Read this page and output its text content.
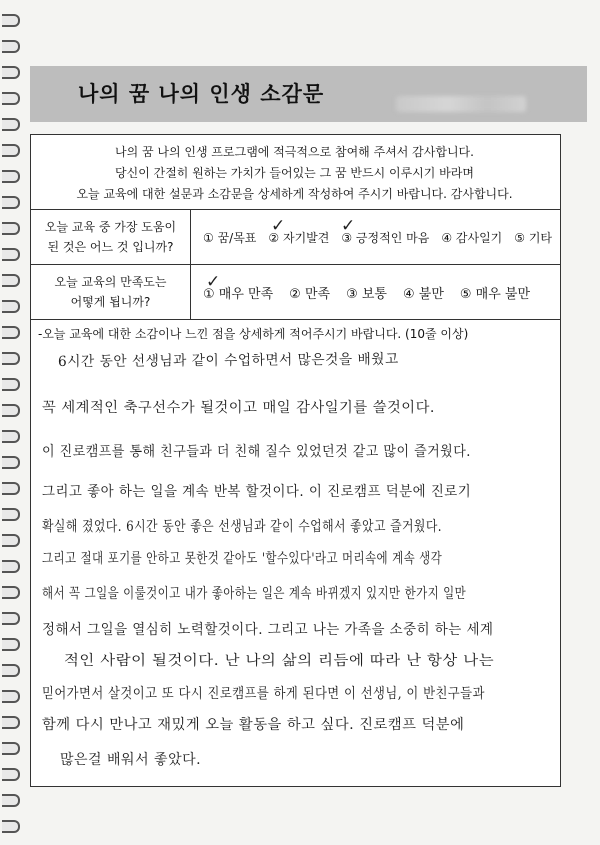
나의 꿈 나의 인생 소감문
나의 꿈 나의 인생 프로그램에 적극적으로 참여해 주셔서 감사합니다.
당신이 간절히 원하는 가치가 들어있는 그 꿈 반드시 이루시기 바라며
오늘 교육에 대한 설문과 소감문을 상세하게 작성하여 주시기 바랍니다. 감사합니다.
오늘 교육 중 가장 도움이
된 것은 어느 것 입니까?
① 꿈/목표 ② 자기발견 ③ 긍정적인 마음 ④ 감사일기 ⑤ 기타
✓	✓
오늘 교육의 만족도는
어떻게 됩니까?
① 매우 만족 ② 만족 ③ 보통 ④ 불만 ⑤ 매우 불만
✓
-오늘 교육에 대한 소감이나 느낀 점을 상세하게 적어주시기 바랍니다. (10줄 이상)
6시간 동안 선생님과 같이 수업하면서 많은것을 배웠고
꼭 세계적인 축구선수가 될것이고 매일 감사일기를 쓸것이다.
이 진로캠프를 통해 친구들과 더 친해 질수 있었던것 같고 많이 즐거웠다.
그리고 좋아 하는 일을 계속 반복 할것이다. 이 진로캠프 덕분에 진로기
확실해 졌었다. 6시간 동안 좋은 선생님과 같이 수업해서 좋았고 즐거웠다.
그리고 절대 포기를 안하고 못한것 같아도 '할수있다'라고 머리속에 계속 생각
해서 꼭 그일을 이룰것이고 내가 좋아하는 일은 계속 바뀌겠지 있지만 한가지 일만
정해서 그일을 열심히 노력할것이다. 그리고 나는 가족을 소중히 하는 세계
적인 사람이 될것이다. 난 나의 삶의 리듬에 따라 난 항상 나는
믿어가면서 살것이고 또 다시 진로캠프를 하게 된다면 이 선생님, 이 반친구들과
함께 다시 만나고 재밌게 오늘 활동을 하고 싶다. 진로캠프 덕분에
많은걸 배워서 좋았다.
